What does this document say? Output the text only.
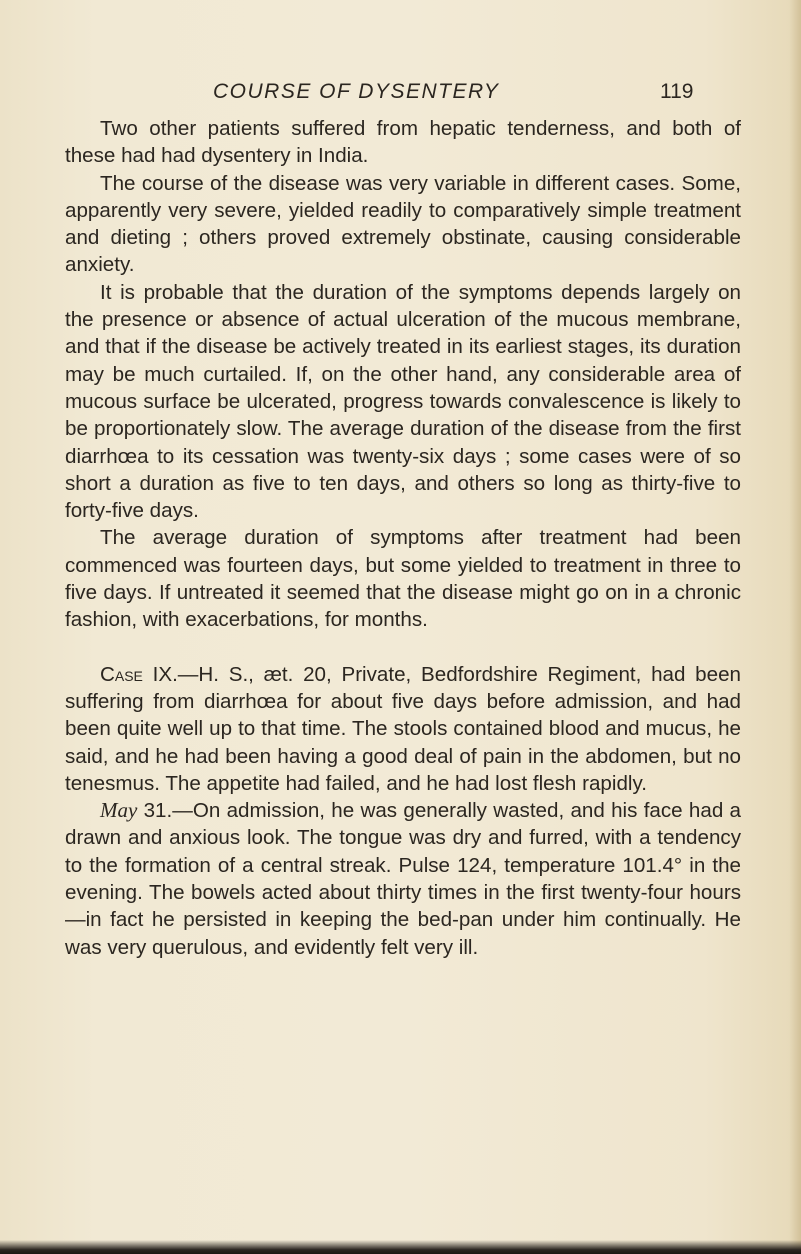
COURSE OF DYSENTERY	119

Two other patients suffered from hepatic tenderness, and both of these had had dysentery in India.

The course of the disease was very variable in different cases. Some, apparently very severe, yielded readily to comparatively simple treatment and dieting ; others proved extremely obstinate, causing considerable anxiety.

It is probable that the duration of the symptoms depends largely on the presence or absence of actual ulceration of the mucous membrane, and that if the disease be actively treated in its earliest stages, its duration may be much curtailed. If, on the other hand, any considerable area of mucous surface be ulcerated, progress towards convalescence is likely to be proportionately slow. The average duration of the disease from the first diarrhœa to its cessation was twenty-six days ; some cases were of so short a duration as five to ten days, and others so long as thirty-five to forty-five days.

The average duration of symptoms after treatment had been commenced was fourteen days, but some yielded to treatment in three to five days. If untreated it seemed that the disease might go on in a chronic fashion, with exacerbations, for months.

Case IX.—H. S., æt. 20, Private, Bedfordshire Regiment, had been suffering from diarrhœa for about five days before admission, and had been quite well up to that time. The stools contained blood and mucus, he said, and he had been having a good deal of pain in the abdomen, but no tenesmus. The appetite had failed, and he had lost flesh rapidly.

May 31.—On admission, he was generally wasted, and his face had a drawn and anxious look. The tongue was dry and furred, with a tendency to the formation of a central streak. Pulse 124, temperature 101.4° in the evening. The bowels acted about thirty times in the first twenty-four hours—in fact he persisted in keeping the bed-pan under him continually. He was very querulous, and evidently felt very ill.
